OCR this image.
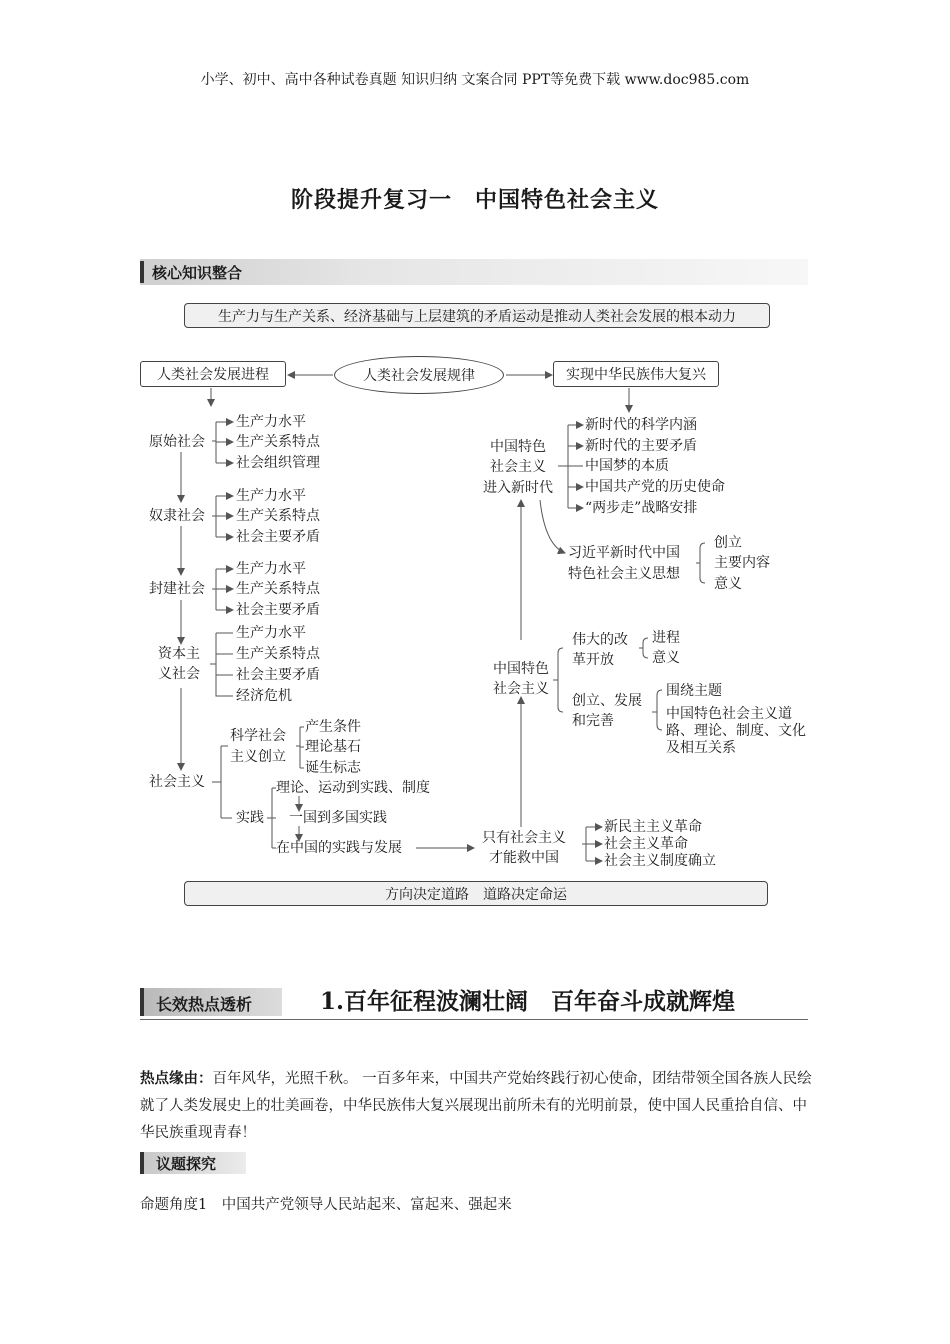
小学、初中、高中各种试卷真题 知识归纳 文案合同 PPT等免费下载 www.doc985.com
阶段提升复习一　中国特色社会主义
核心知识整合
生产力与生产关系、经济基础与上层建筑的矛盾运动是推动人类社会发展的根本动力
人类社会发展进程	人类社会发展规律	实现中华民族伟大复兴
原始社会
生产力水平
生产关系特点
社会组织管理
奴隶社会
生产力水平
生产关系特点
社会主要矛盾
封建社会
生产力水平
生产关系特点
社会主要矛盾
资本主
义社会
生产力水平
生产关系特点
社会主要矛盾
经济危机
社会主义
科学社会
主义创立
产生条件
理论基石
诞生标志
实践
理论、运动到实践、制度
一国到多国实践
在中国的实践与发展
只有社会主义
才能救中国
新民主主义革命
社会主义革命
社会主义制度确立
中国特色
社会主义
进入新时代
新时代的科学内涵
新时代的主要矛盾
中国梦的本质
中国共产党的历史使命
“两步走”战略安排
习近平新时代中国
特色社会主义思想
创立
主要内容
意义
中国特色
社会主义
伟大的改
革开放
进程
意义
创立、发展
和完善
围绕主题
中国特色社会主义道
路、理论、制度、文化
及相互关系
方向决定道路　道路决定命运
长效热点透析	1.百年征程波澜壮阔　百年奋斗成就辉煌
热点缘由：百年风华，光照千秋。 一百多年来，中国共产党始终践行初心使命，团结带领全国各族人民绘就了人类发展史上的壮美画卷，中华民族伟大复兴展现出前所未有的光明前景，使中国人民重拾自信、中华民族重现青春！
议题探究
命题角度1　中国共产党领导人民站起来、富起来、强起来
